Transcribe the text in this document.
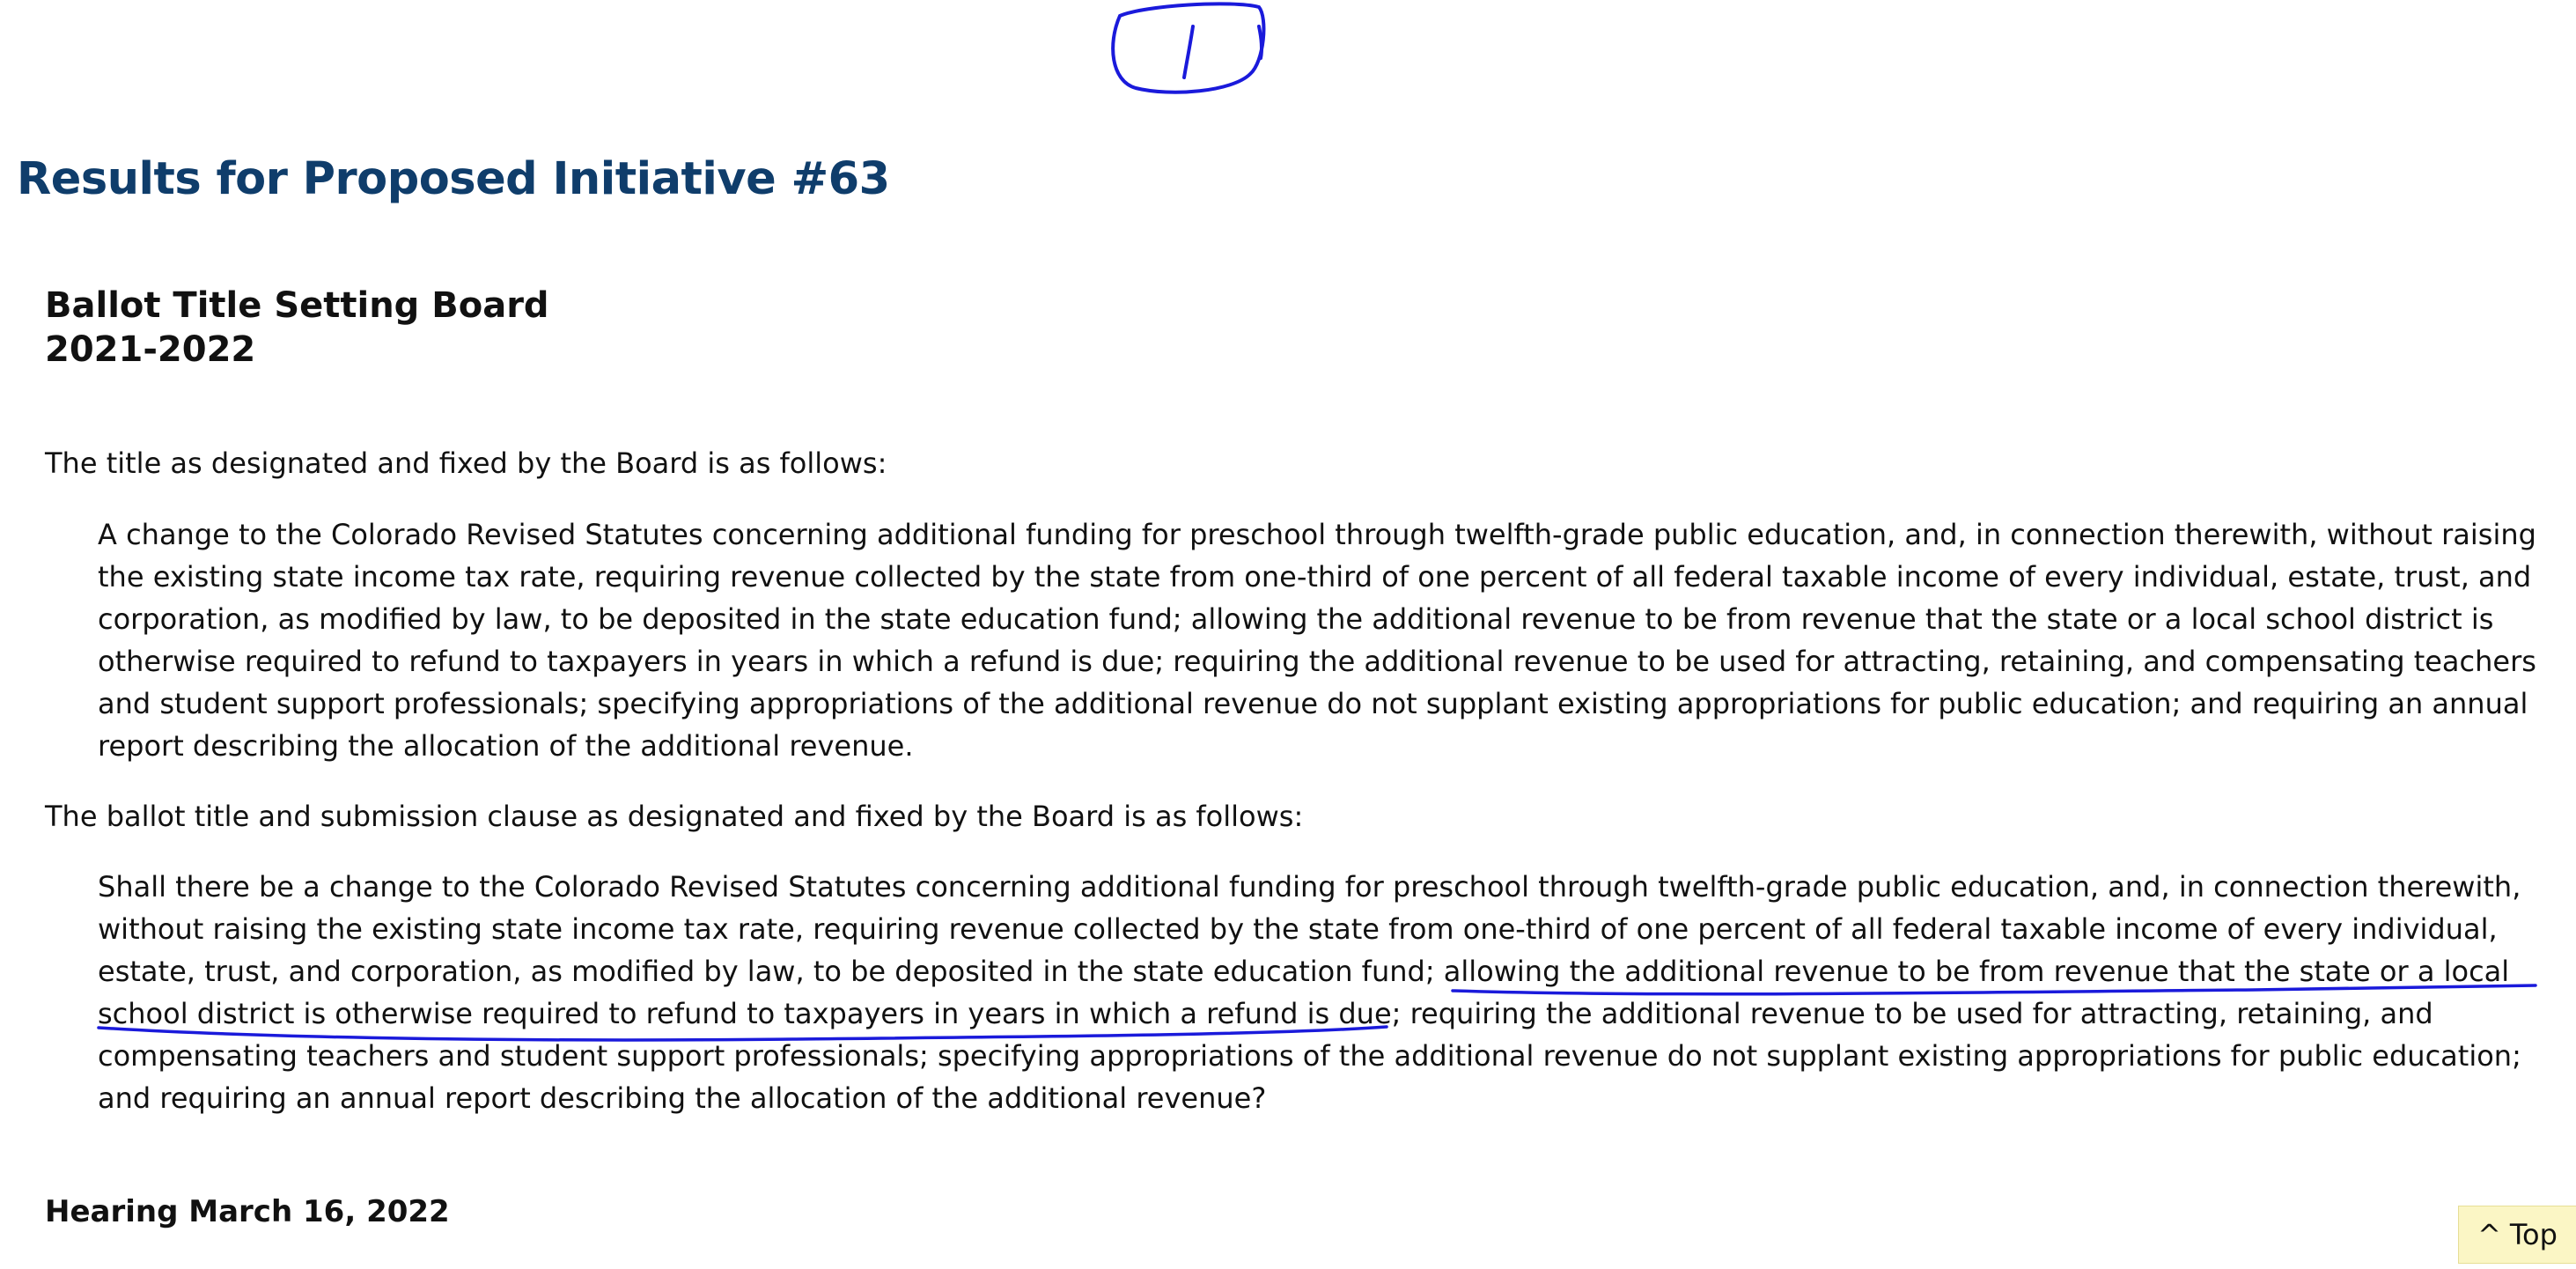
Results for Proposed Initiative #63
Ballot Title Setting Board
2021-2022

The title as designated and fixed by the Board is as follows:

A change to the Colorado Revised Statutes concerning additional funding for preschool through twelfth-grade public education, and, in connection therewith, without raising the existing state income tax rate, requiring revenue collected by the state from one-third of one percent of all federal taxable income of every individual, estate, trust, and corporation, as modified by law, to be deposited in the state education fund; allowing the additional revenue to be from revenue that the state or a local school district is otherwise required to refund to taxpayers in years in which a refund is due; requiring the additional revenue to be used for attracting, retaining, and compensating teachers and student support professionals; specifying appropriations of the additional revenue do not supplant existing appropriations for public education; and requiring an annual report describing the allocation of the additional revenue.

The ballot title and submission clause as designated and fixed by the Board is as follows:

Shall there be a change to the Colorado Revised Statutes concerning additional funding for preschool through twelfth-grade public education, and, in connection therewith, without raising the existing state income tax rate, requiring revenue collected by the state from one-third of one percent of all federal taxable income of every individual, estate, trust, and corporation, as modified by law, to be deposited in the state education fund; allowing the additional revenue to be from revenue that the state or a local school district is otherwise required to refund to taxpayers in years in which a refund is due; requiring the additional revenue to be used for attracting, retaining, and compensating teachers and student support professionals; specifying appropriations of the additional revenue do not supplant existing appropriations for public education; and requiring an annual report describing the allocation of the additional revenue?

Hearing March 16, 2022
^ Top
